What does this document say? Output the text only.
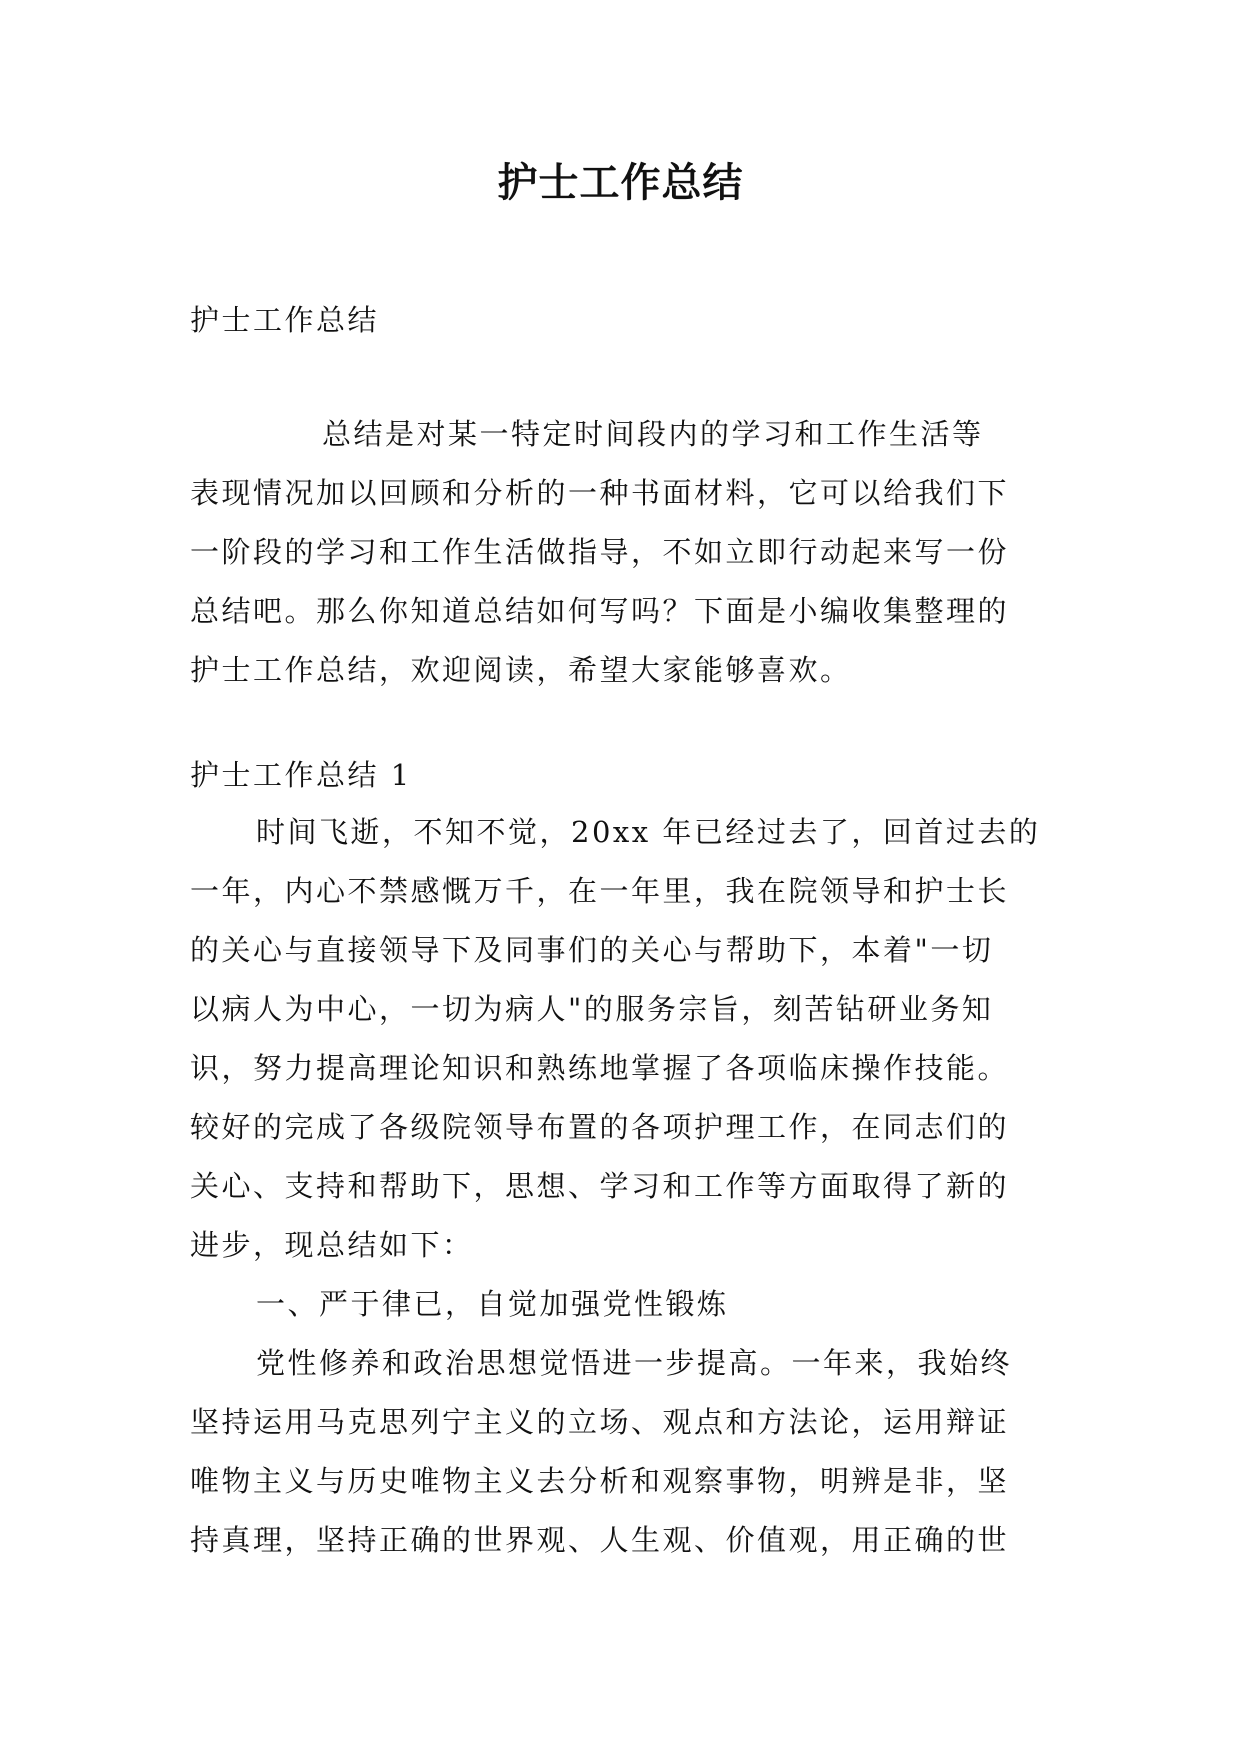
护士工作总结
护士工作总结
总结是对某一特定时间段内的学习和工作生活等
表现情况加以回顾和分析的一种书面材料，它可以给我们下
一阶段的学习和工作生活做指导，不如立即行动起来写一份
总结吧。那么你知道总结如何写吗？下面是小编收集整理的
护士工作总结，欢迎阅读，希望大家能够喜欢。
护士工作总结 1
时间飞逝，不知不觉，20xx 年已经过去了，回首过去的
一年，内心不禁感慨万千，在一年里，我在院领导和护士长
的关心与直接领导下及同事们的关心与帮助下，本着"一切
以病人为中心，一切为病人"的服务宗旨，刻苦钻研业务知
识，努力提高理论知识和熟练地掌握了各项临床操作技能。
较好的完成了各级院领导布置的各项护理工作，在同志们的
关心、支持和帮助下，思想、学习和工作等方面取得了新的
进步，现总结如下：
一、严于律已，自觉加强党性锻炼
党性修养和政治思想觉悟进一步提高。一年来，我始终
坚持运用马克思列宁主义的立场、观点和方法论，运用辩证
唯物主义与历史唯物主义去分析和观察事物，明辨是非，坚
持真理，坚持正确的世界观、人生观、价值观，用正确的世
